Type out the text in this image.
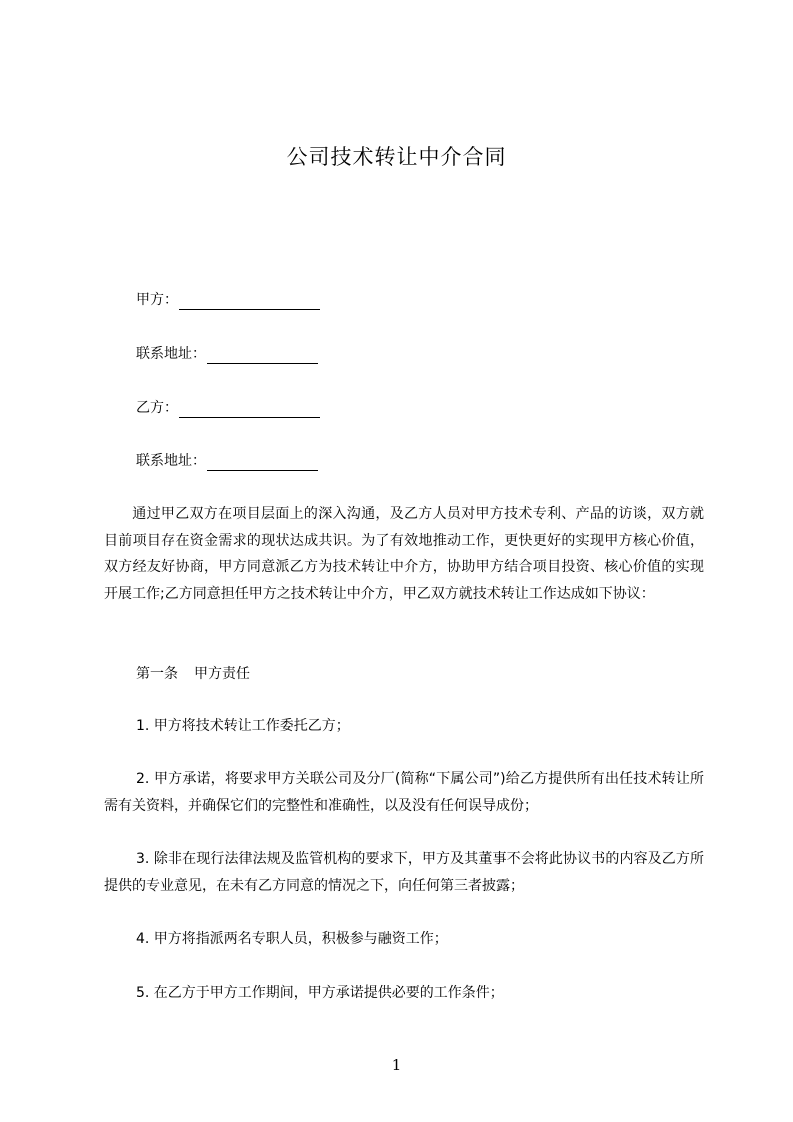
公司技术转让中介合同
甲方：
联系地址：
乙方：
联系地址：
通过甲乙双方在项目层面上的深入沟通，及乙方人员对甲方技术专利、产品的访谈，双方就目前项目存在资金需求的现状达成共识。为了有效地推动工作，更快更好的实现甲方核心价值，双方经友好协商，甲方同意派乙方为技术转让中介方，协助甲方结合项目投资、核心价值的实现开展工作;乙方同意担任甲方之技术转让中介方，甲乙双方就技术转让工作达成如下协议：
第一条 甲方责任
1. 甲方将技术转让工作委托乙方；
2. 甲方承诺，将要求甲方关联公司及分厂(简称“下属公司”)给乙方提供所有出任技术转让所需有关资料，并确保它们的完整性和准确性，以及没有任何误导成份；
3. 除非在现行法律法规及监管机构的要求下，甲方及其董事不会将此协议书的内容及乙方所提供的专业意见，在未有乙方同意的情况之下，向任何第三者披露；
4. 甲方将指派两名专职人员，积极参与融资工作；
5. 在乙方于甲方工作期间，甲方承诺提供必要的工作条件；
1
